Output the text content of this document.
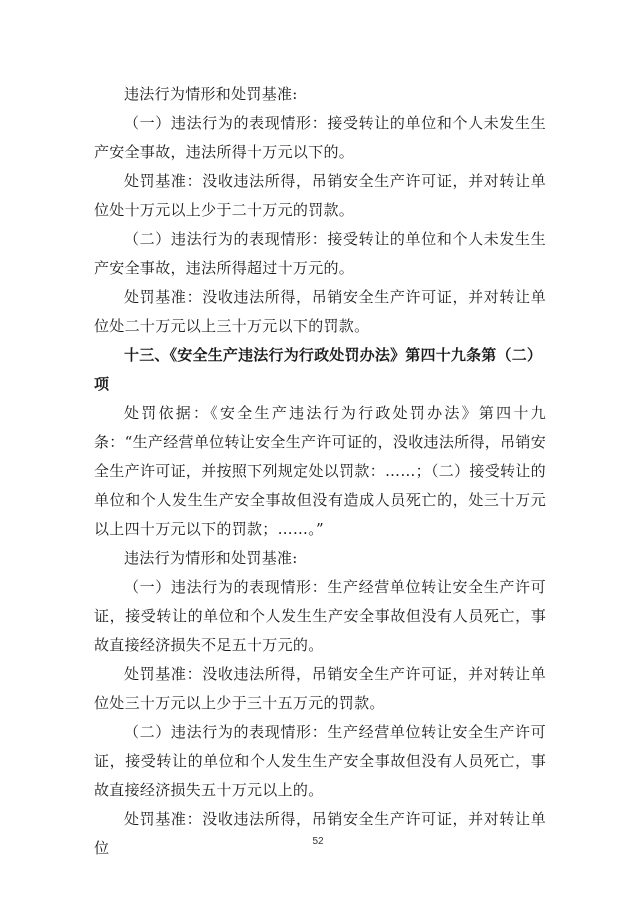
违法行为情形和处罚基准:

（一）违法行为的表现情形：接受转让的单位和个人未发生生产安全事故，违法所得十万元以下的。

处罚基准：没收违法所得，吊销安全生产许可证，并对转让单位处十万元以上少于二十万元的罚款。

（二）违法行为的表现情形：接受转让的单位和个人未发生生产安全事故，违法所得超过十万元的。

处罚基准：没收违法所得，吊销安全生产许可证，并对转让单位处二十万元以上三十万元以下的罚款。

十三、《安全生产违法行为行政处罚办法》第四十九条第（二）项

处罚依据：《安全生产违法行为行政处罚办法》第四十九条：“生产经营单位转让安全生产许可证的，没收违法所得，吊销安全生产许可证，并按照下列规定处以罚款：……；（二）接受转让的单位和个人发生生产安全事故但没有造成人员死亡的，处三十万元以上四十万元以下的罚款；……。”

违法行为情形和处罚基准:

（一）违法行为的表现情形：生产经营单位转让安全生产许可证，接受转让的单位和个人发生生产安全事故但没有人员死亡，事故直接经济损失不足五十万元的。

处罚基准：没收违法所得，吊销安全生产许可证，并对转让单位处三十万元以上少于三十五万元的罚款。

（二）违法行为的表现情形：生产经营单位转让安全生产许可证，接受转让的单位和个人发生生产安全事故但没有人员死亡，事故直接经济损失五十万元以上的。

处罚基准：没收违法所得，吊销安全生产许可证，并对转让单位	52
